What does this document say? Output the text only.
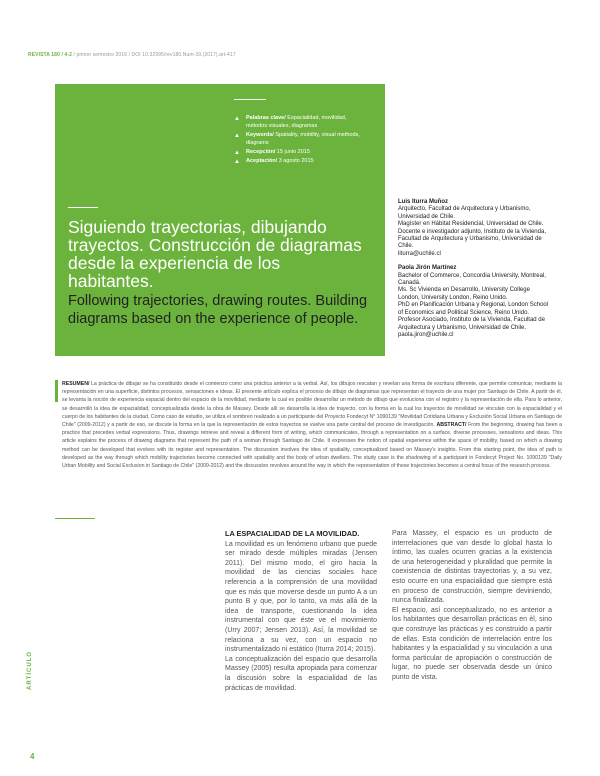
REVISTA 180 / 4-2 / primer semestre 2016 / DOI 10.32995/rev180.Num-39.(2017).art-417
▲ Palabras clave/ Espacialidad, movilidad, métodos visuales, diagramas
▲ Keywords/ Spatiality, mobility, visual methods, diagrams
▲ Recepción/ 15 junio 2015
▲ Aceptación/ 3 agosto 2015
Siguiendo trayectorias, dibujando trayectos. Construcción de diagramas desde la experiencia de los habitantes.
Following trajectories, drawing routes. Building diagrams based on the experience of people.

Luis Iturra Muñoz

Arquitecto, Facultad de Arquitectura y Urbanismo, Universidad de Chile.

Magíster en Hábitat Residencial, Universidad de Chile.

Docente e investigador adjunto, Instituto de la Vivienda, Facultad de Arquitectura y Urbanismo, Universidad de Chile.

liturra@uchile.cl

Paola Jirón Martínez

Bachelor of Commerce, Concordia University, Montreal, Canadá.

Ms. Sc Vivienda en Desarrollo, University College London, University London, Reino Unido.

PhD en Planificación Urbana y Regional, London School of Economics and Political Science, Reino Unido.

Profesor Asociado, Instituto de la Vivienda, Facultad de Arquitectura y Urbanismo, Universidad de Chile.

paola.jiron@uchile.cl

RESUMEN/ La práctica de dibujar se ha constituido desde el comienzo como una práctica anterior a la verbal. Así, los dibujos rescatan y revelan una forma de escritura diferente, que permite comunicar, mediante la representación en una superficie, distintos procesos, sensaciones e ideas. El presente artículo explica el proceso de dibujo de diagramas que representan el trayecto de una mujer por Santiago de Chile. A partir de él, se levanta la noción de experiencia espacial dentro del espacio de la movilidad, mediante la cual es posible desarrollar un método de dibujo que evoluciona con el registro y la representación de ella. Para lo anterior, se desarrolló la idea de espacialidad, conceptualizada desde la obra de Massey. Desde allí se desarrolla la idea de trayecto, con la forma en la cual los trayectos de movilidad se vinculan con la espacialidad y el cuerpo de los habitantes de la ciudad. Como caso de estudio, se utiliza el sombreo realizado a un participante del Proyecto Fondecyt N° 1090139 "Movilidad Cotidiana Urbana y Exclusión Social Urbana en Santiago de Chile" (2009-2012) y a partir de eso, se discute la forma en la que la representación de estos trayectos se vuelve una parte central del proceso de investigación. ABSTRACT/ From the beginning, drawing has been a practice that precedes verbal expressions. Thus, drawings retrieve and reveal a different form of writing, which communicates, through a representation on a surface, diverse processes, sensations and ideas. This article explains the process of drawing diagrams that represent the path of a woman through Santiago de Chile. It expresses the notion of spatial experience within the space of mobility, based on which a drawing method can be developed that evolves with its register and representation. The discussion involves the idea of spatiality, conceptualized based on Massey's insights. From this starting point, the idea of path is developed as the way through which mobility trajectories become connected with spatiality and the body of urban dwellers. The study case is the shadowing of a participant in Fondecyt Project No. 1090139 "Daily Urban Mobility and Social Exclusion in Santiago de Chile" (2009-2012) and the discussion revolves around the way in which the representation of these trajectories becomes a central focus of the research process.
LA ESPACIALIDAD DE LA MOVILIDAD.

La movilidad es un fenómeno urbano que puede ser mirado desde múltiples miradas (Jensen 2011). Del mismo modo, el giro hacia la movilidad de las ciencias sociales hace referencia a la comprensión de una movilidad que es más que moverse desde un punto A a un punto B y que, por lo tanto, va más allá de la idea de transporte, cuestionando la idea instrumental con que éste ve el movimiento (Urry 2007; Jensen 2013). Así, la movilidad se relaciona a su vez, con un espacio no instrumentalizado ni estático (Iturra 2014; 2015).

La conceptualización del espacio que desarrolla Massey (2005) resulta apropiada para comenzar la discusión sobre la espacialidad de las prácticas de movilidad.

Para Massey, el espacio es un producto de interrelaciones que van desde lo global hasta lo íntimo, las cuales ocurren gracias a la existencia de una heterogeneidad y pluralidad que permite la coexistencia de distintas trayectorias y, a su vez, esto ocurre en una espacialidad que siempre está en proceso de construcción, siempre deviniendo, nunca finalizada.

El espacio, así conceptualizado, no es anterior a los habitantes que desarrollan prácticas en él, sino que construye las prácticas y es construido a partir de ellas. Esta condición de interrelación entre los habitantes y la espacialidad y su vinculación a una forma particular de apropiación o construcción de lugar, no puede ser observada desde un único punto de vista.

ARTÍCULO
4
